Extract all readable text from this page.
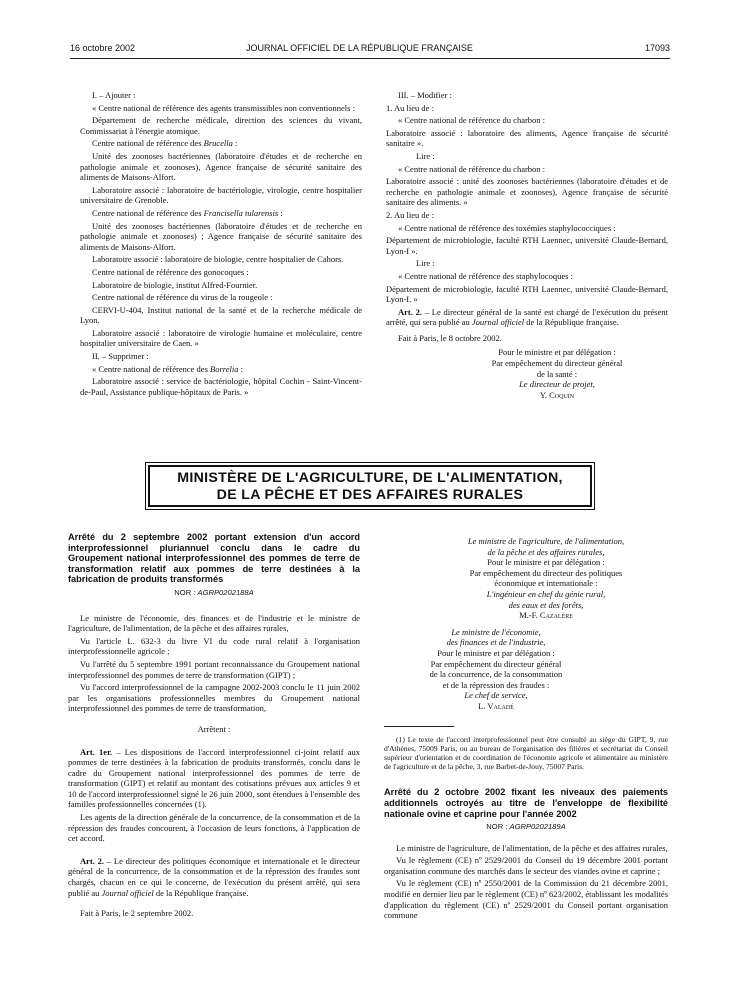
16 octobre 2002	JOURNAL OFFICIEL DE LA RÉPUBLIQUE FRANÇAISE	17093

I. – Ajouter :

« Centre national de référence des agents transmissibles non conventionnels :

Département de recherche médicale, direction des sciences du vivant, Commissariat à l'énergie atomique.

Centre national de référence des Brucella :

Unité des zoonoses bactériennes (laboratoire d'études et de recherche en pathologie animale et zoonoses), Agence française de sécurité sanitaire des aliments de Maisons-Alfort.

Laboratoire associé : laboratoire de bactériologie, virologie, centre hospitalier universitaire de Grenoble.

Centre national de référence des Francisella tularensis :

Unité des zoonoses bactériennes (laboratoire d'études et de recherche en pathologie animale et zoonoses) ; Agence française de sécurité sanitaire des aliments de Maisons-Alfort.

Laboratoire associé : laboratoire de biologie, centre hospitalier de Cahors.

Centre national de référence des gonocoques :

Laboratoire de biologie, institut Alfred-Fournier.

Centre national de référence du virus de la rougeole :

CERVI-U-404, Institut national de la santé et de la recherche médicale de Lyon.

Laboratoire associé : laboratoire de virologie humaine et moléculaire, centre hospitalier universitaire de Caen. »

II. – Supprimer :

« Centre national de référence des Borrelia :

Laboratoire associé : service de bactériologie, hôpital Cochin - Saint-Vincent-de-Paul, Assistance publique-hôpitaux de Paris. »

III. – Modifier :

1. Au lieu de :

« Centre national de référence du charbon :

Laboratoire associé : laboratoire des aliments, Agence française de sécurité sanitaire ».

Lire :

« Centre national de référence du charbon :

Laboratoire associé : unité des zoonoses bactériennes (laboratoire d'études et de recherche en pathologie animale et zoonoses), Agence française de sécurité sanitaire des aliments. »

2. Au lieu de :

« Centre national de référence des toxémies staphylococciques :

Département de microbiologie, faculté RTH Laennec, université Claude-Bernard, Lyon-I ».

Lire :

« Centre national de référence des staphylocoques :

Département de microbiologie, faculté RTH Laennec, université Claude-Bernard, Lyon-I. »

Art. 2. – Le directeur général de la santé est chargé de l'exécution du présent arrêté, qui sera publié au Journal officiel de la République française.

Fait à Paris, le 8 octobre 2002.

Pour le ministre et par délégation :
Par empêchement du directeur général
de la santé :
Le directeur de projet,
Y. Coquin
MINISTÈRE DE L'AGRICULTURE, DE L'ALIMENTATION,
DE LA PÊCHE ET DES AFFAIRES RURALES
Arrêté du 2 septembre 2002 portant extension d'un accord interprofessionnel pluriannuel conclu dans le cadre du Groupement national interprofessionnel des pommes de terre de transformation relatif aux pommes de terre destinées à la fabrication de produits transformés
NOR : AGRP0202188A

Le ministre de l'économie, des finances et de l'industrie et le ministre de l'agriculture, de l'alimentation, de la pêche et des affaires rurales,

Vu l'article L. 632-3 du livre VI du code rural relatif à l'organisation interprofessionnelle agricole ;

Vu l'arrêté du 5 septembre 1991 portant reconnaissance du Groupement national interprofessionnel des pommes de terre de transformation (GIPT) ;

Vu l'accord interprofessionnel de la campagne 2002-2003 conclu le 11 juin 2002 par les organisations professionnelles membres du Groupement national interprofessionnel des pommes de terre de transformation,

Arrêtent :

Art. 1er. – Les dispositions de l'accord interprofessionnel ci-joint relatif aux pommes de terre destinées à la fabrication de produits transformés, conclu dans le cadre du Groupement national interprofessionnel des pommes de terre de transformation (GIPT) et relatif au montant des cotisations prévues aux articles 9 et 10 de l'accord interprofessionnel signé le 26 juin 2000, sont étendues à l'ensemble des familles professionnelles concernées (1).

Les agents de la direction générale de la concurrence, de la consommation et de la répression des fraudes concourent, à l'occasion de leurs fonctions, à l'application de cet accord.

Art. 2. – Le directeur des politiques économique et internationale et le directeur général de la concurrence, de la consommation et de la répression des fraudes sont chargés, chacun en ce qui le concerne, de l'exécution du présent arrêté, qui sera publié au Journal officiel de la République française.

Fait à Paris, le 2 septembre 2002.

Le ministre de l'agriculture, de l'alimentation,
de la pêche et des affaires rurales,
Pour le ministre et par délégation :
Par empêchement du directeur des politiques
économique et internationale :
L'ingénieur en chef du génie rural,
des eaux et des forêts,
M.-F. Cazalère
Le ministre de l'économie,
des finances et de l'industrie,
Pour le ministre et par délégation :
Par empêchement du directeur général
de la concurrence, de la consommation
et de la répression des fraudes :
Le chef de service,
L. Valadé

(1) Le texte de l'accord interprofessionnel peut être consulté au siège du GIPT, 9, rue d'Athènes, 75009 Paris, ou au bureau de l'organisation des filières et secrétariat du Conseil supérieur d'orientation et de coordination de l'économie agricole et alimentaire au ministère de l'agriculture et de la pêche, 3, rue Barbet-de-Jouy, 75007 Paris.

Arrêté du 2 octobre 2002 fixant les niveaux des paiements additionnels octroyés au titre de l'enveloppe de flexibilité nationale ovine et caprine pour l'année 2002
NOR : AGRP0202189A

Le ministre de l'agriculture, de l'alimentation, de la pêche et des affaires rurales,

Vu le règlement (CE) nº 2529/2001 du Conseil du 19 décembre 2001 portant organisation commune des marchés dans le secteur des viandes ovine et caprine ;

Vu le règlement (CE) nº 2550/2001 de la Commission du 21 décembre 2001, modifié en dernier lieu par le règlement (CE) nº 623/2002, établissant les modalités d'application du règlement (CE) nº 2529/2001 du Conseil portant organisation commune
